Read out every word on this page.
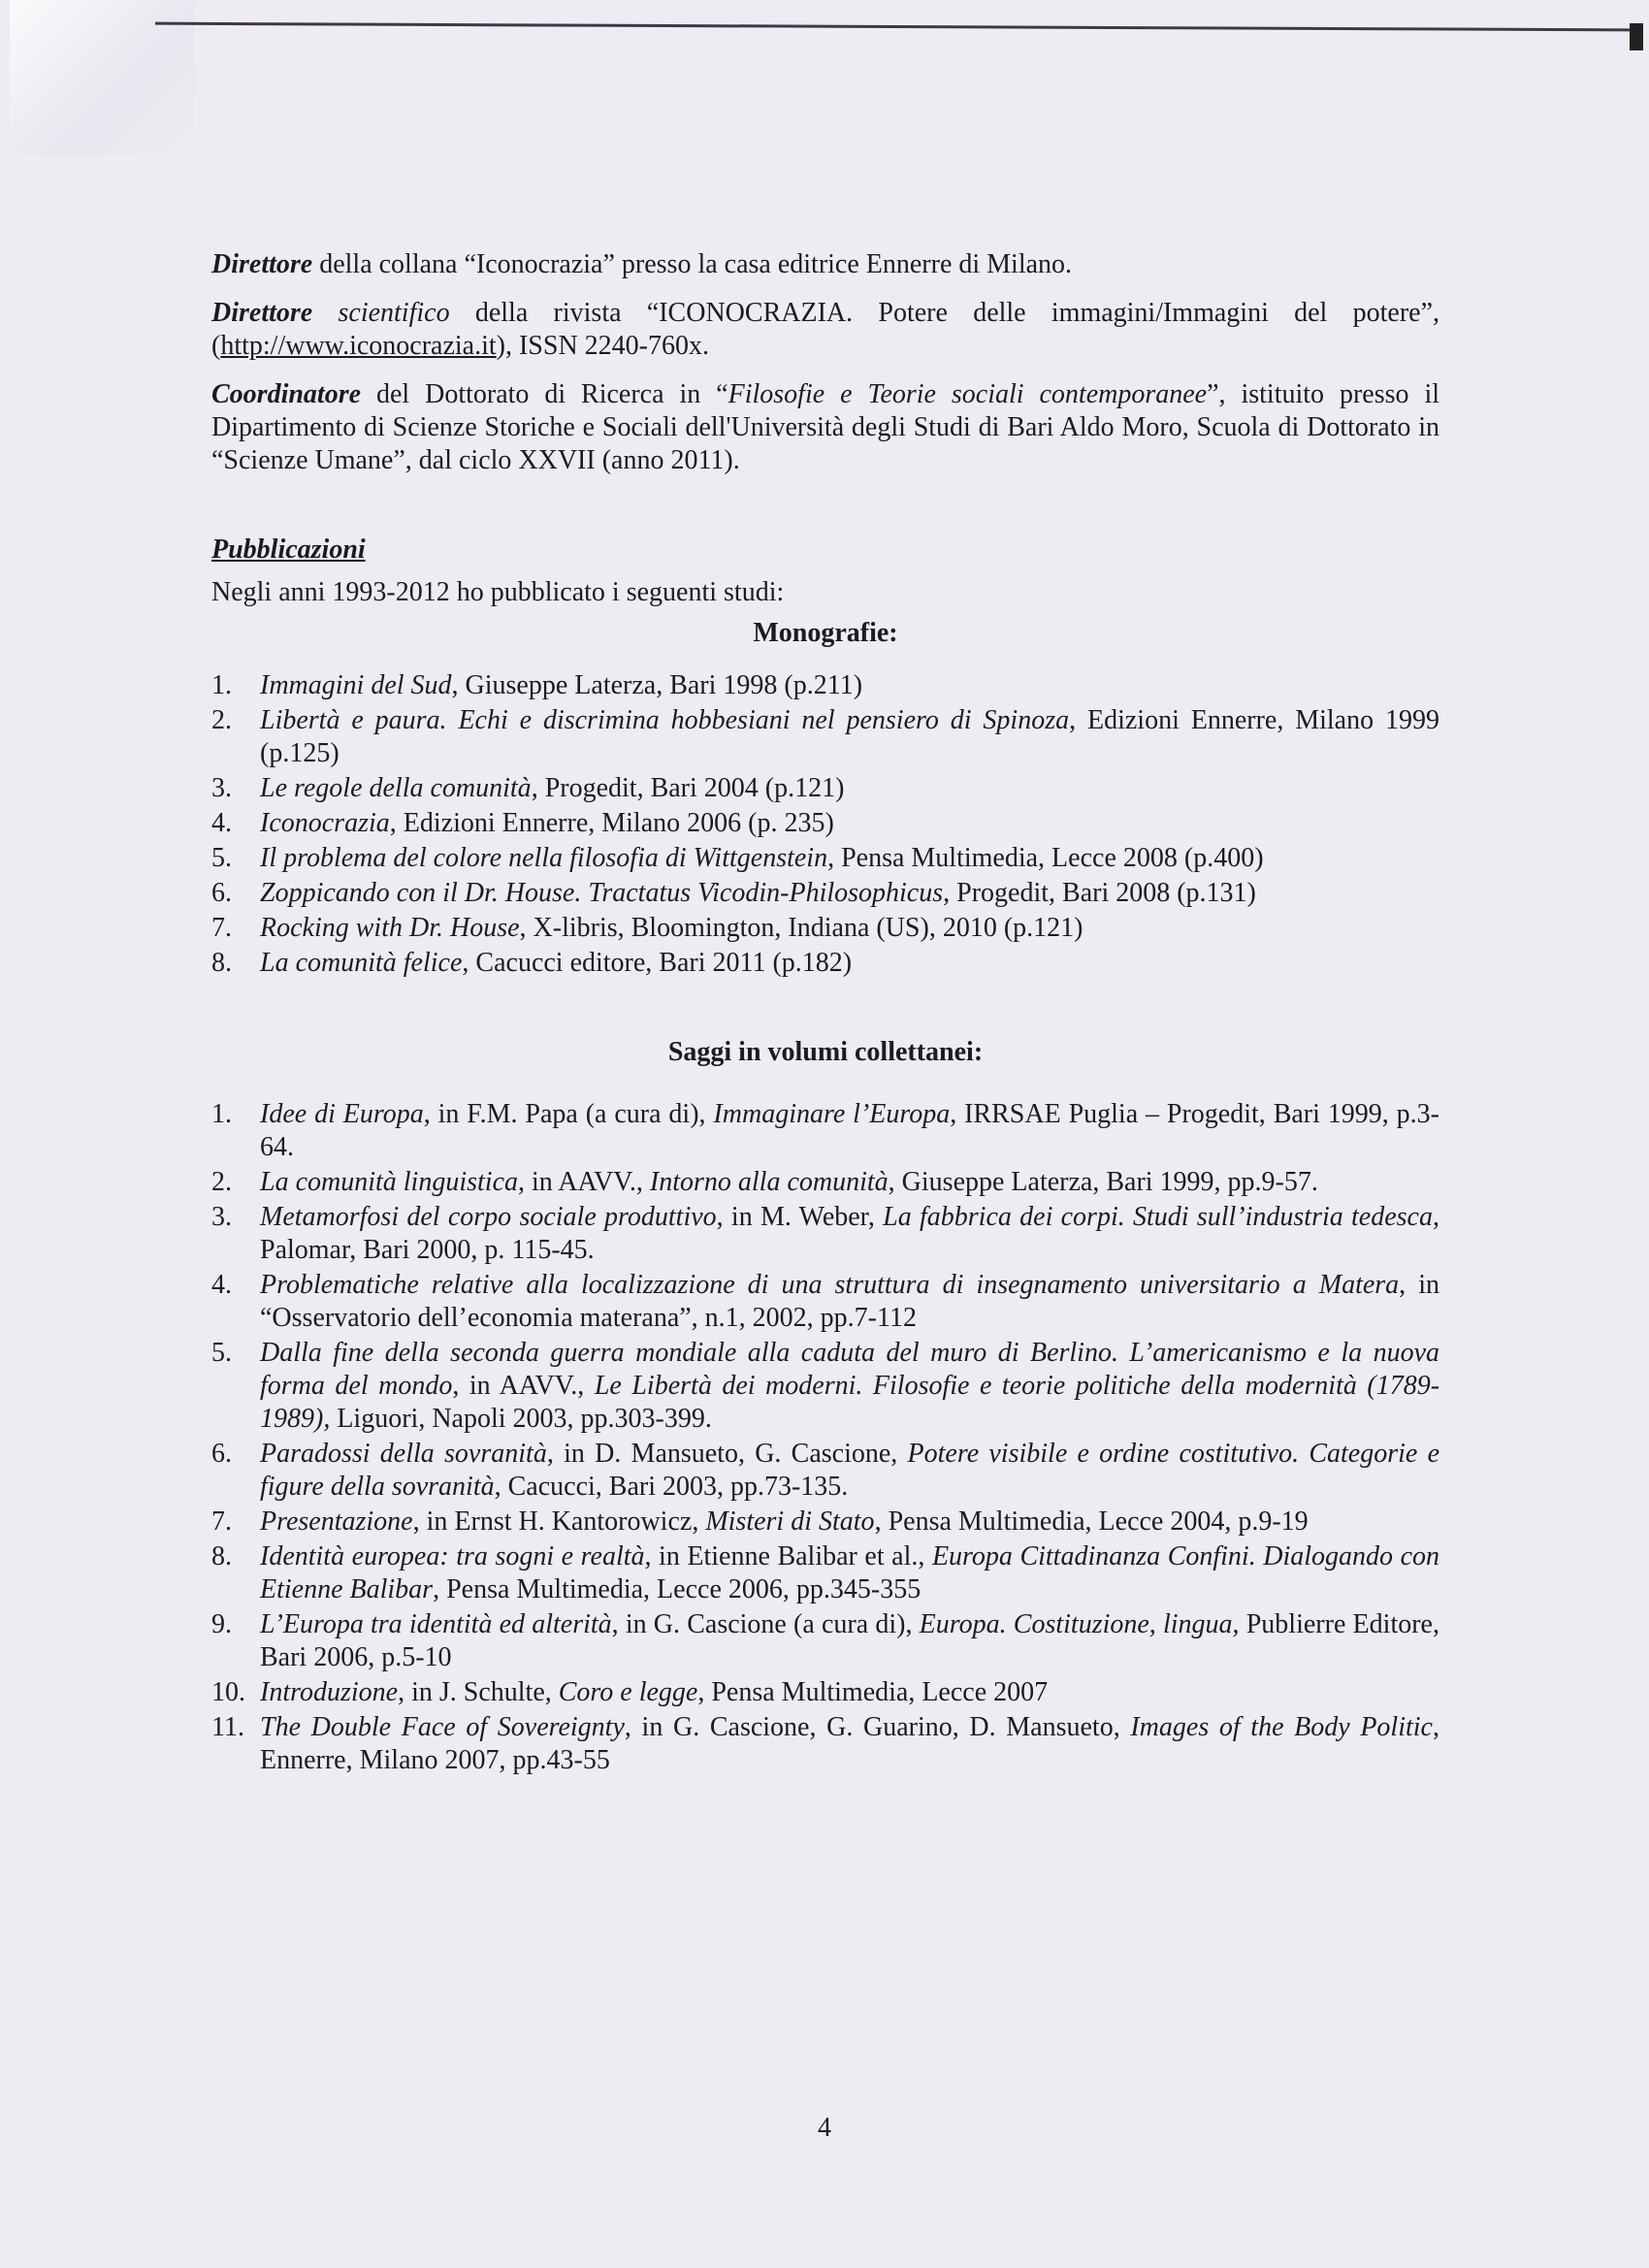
Direttore della collana “Iconocrazia” presso la casa editrice Ennerre di Milano.

Direttore scientifico della rivista “ICONOCRAZIA. Potere delle immagini/Immagini del potere”, (http://www.iconocrazia.it), ISSN 2240-760x.

Coordinatore del Dottorato di Ricerca in “Filosofie e Teorie sociali contemporanee”, istituito presso il Dipartimento di Scienze Storiche e Sociali dell'Università degli Studi di Bari Aldo Moro, Scuola di Dottorato in “Scienze Umane”, dal ciclo XXVII (anno 2011).

Pubblicazioni

Negli anni 1993-2012 ho pubblicato i seguenti studi:

Monografie:
1.	Immagini del Sud, Giuseppe Laterza, Bari 1998 (p.211)
2.	Libertà e paura. Echi e discrimina hobbesiani nel pensiero di Spinoza, Edizioni Ennerre, Milano 1999 (p.125)
3.	Le regole della comunità, Progedit, Bari 2004 (p.121)
4.	Iconocrazia, Edizioni Ennerre, Milano 2006 (p. 235)
5.	Il problema del colore nella filosofia di Wittgenstein, Pensa Multimedia, Lecce 2008 (p.400)
6.	Zoppicando con il Dr. House. Tractatus Vicodin-Philosophicus, Progedit, Bari 2008 (p.131)
7.	Rocking with Dr. House, X-libris, Bloomington, Indiana (US), 2010 (p.121)
8.	La comunità felice, Cacucci editore, Bari 2011 (p.182)
Saggi in volumi collettanei:
1.	Idee di Europa, in F.M. Papa (a cura di), Immaginare l’Europa, IRRSAE Puglia – Progedit, Bari 1999, p.3-64.
2.	La comunità linguistica, in AAVV., Intorno alla comunità, Giuseppe Laterza, Bari 1999, pp.9-57.
3.	Metamorfosi del corpo sociale produttivo, in M. Weber, La fabbrica dei corpi. Studi sull’industria tedesca, Palomar, Bari 2000, p. 115-45.
4.	Problematiche relative alla localizzazione di una struttura di insegnamento universitario a Matera, in “Osservatorio dell’economia materana”, n.1, 2002, pp.7-112
5.	Dalla fine della seconda guerra mondiale alla caduta del muro di Berlino. L’americanismo e la nuova forma del mondo, in AAVV., Le Libertà dei moderni. Filosofie e teorie politiche della modernità (1789-1989), Liguori, Napoli 2003, pp.303-399.
6.	Paradossi della sovranità, in D. Mansueto, G. Cascione, Potere visibile e ordine costitutivo. Categorie e figure della sovranità, Cacucci, Bari 2003, pp.73-135.
7.	Presentazione, in Ernst H. Kantorowicz, Misteri di Stato, Pensa Multimedia, Lecce 2004, p.9-19
8.	Identità europea: tra sogni e realtà, in Etienne Balibar et al., Europa Cittadinanza Confini. Dialogando con Etienne Balibar, Pensa Multimedia, Lecce 2006, pp.345-355
9.	L’Europa tra identità ed alterità, in G. Cascione (a cura di), Europa. Costituzione, lingua, Publierre Editore, Bari 2006, p.5-10
10. Introduzione, in J. Schulte, Coro e legge, Pensa Multimedia, Lecce 2007
11. The Double Face of Sovereignty, in G. Cascione, G. Guarino, D. Mansueto, Images of the Body Politic, Ennerre, Milano 2007, pp.43-55
4
